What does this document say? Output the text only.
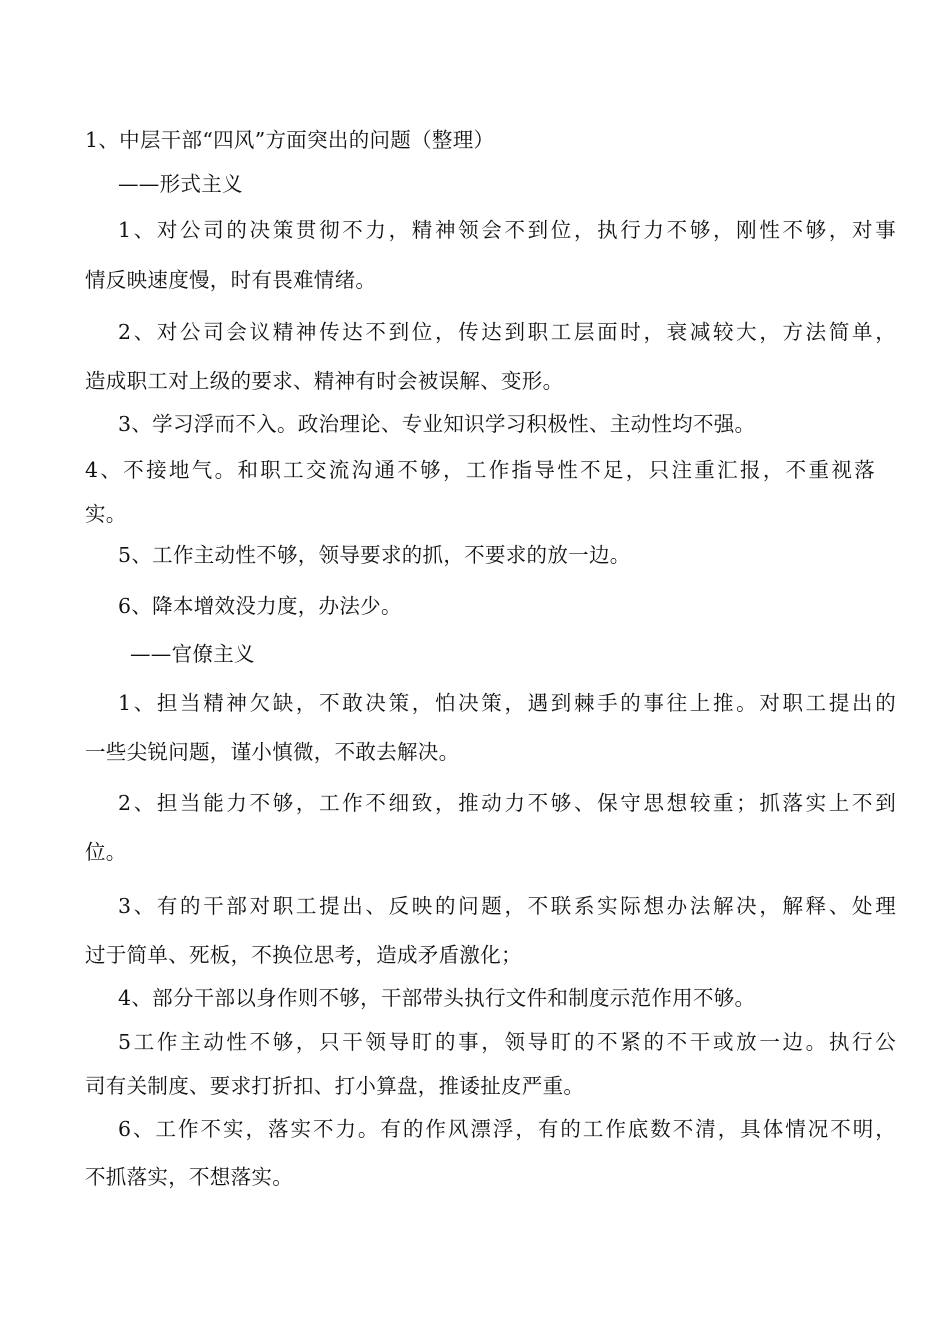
1、中层干部“四风”方面突出的问题（整理）
——形式主义
1、对公司的决策贯彻不力，精神领会不到位，执行力不够，刚性不够，对事
情反映速度慢，时有畏难情绪。
2、对公司会议精神传达不到位，传达到职工层面时，衰减较大，方法简单，
造成职工对上级的要求、精神有时会被误解、变形。
3、学习浮而不入。政治理论、专业知识学习积极性、主动性均不强。
4、不接地气。和职工交流沟通不够，工作指导性不足，只注重汇报，不重视落
实。
5、工作主动性不够，领导要求的抓，不要求的放一边。
6、降本增效没力度，办法少。
——官僚主义
1、担当精神欠缺，不敢决策，怕决策，遇到棘手的事往上推。对职工提出的
一些尖锐问题，谨小慎微，不敢去解决。
2、担当能力不够，工作不细致，推动力不够、保守思想较重；抓落实上不到
位。
3、有的干部对职工提出、反映的问题，不联系实际想办法解决，解释、处理
过于简单、死板，不换位思考，造成矛盾激化；
4、部分干部以身作则不够，干部带头执行文件和制度示范作用不够。
5工作主动性不够，只干领导盯的事，领导盯的不紧的不干或放一边。执行公
司有关制度、要求打折扣、打小算盘，推诿扯皮严重。
6、工作不实，落实不力。有的作风漂浮，有的工作底数不清，具体情况不明，
不抓落实，不想落实。
